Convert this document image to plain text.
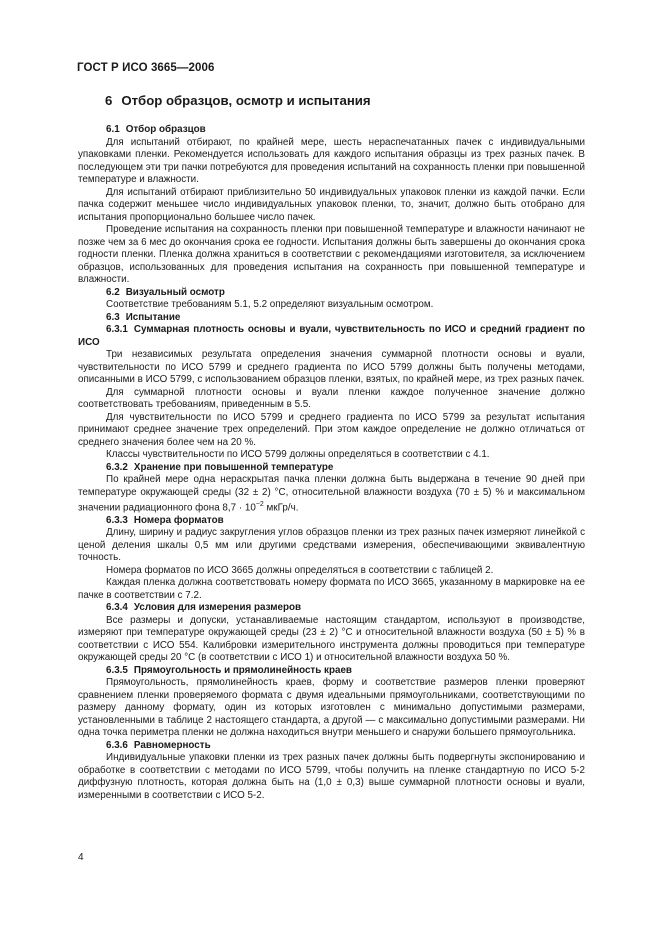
ГОСТ Р ИСО 3665—2006
6 Отбор образцов, осмотр и испытания
6.1 Отбор образцов

Для испытаний отбирают, по крайней мере, шесть нераспечатанных пачек с индивидуальными упаковками пленки. Рекомендуется использовать для каждого испытания образцы из трех разных пачек. В последующем эти три пачки потребуются для проведения испытаний на сохранность пленки при повышенной температуре и влажности.

Для испытаний отбирают приблизительно 50 индивидуальных упаковок пленки из каждой пачки. Если пачка содержит меньшее число индивидуальных упаковок пленки, то, значит, должно быть отобрано для испытания пропорционально большее число пачек.

Проведение испытания на сохранность пленки при повышенной температуре и влажности начинают не позже чем за 6 мес до окончания срока ее годности. Испытания должны быть завершены до окончания срока годности пленки. Пленка должна храниться в соответствии с рекомендациями изготовителя, за исключением образцов, использованных для проведения испытания на сохранность при повышенной температуре и влажности.

6.2 Визуальный осмотр

Соответствие требованиям 5.1, 5.2 определяют визуальным осмотром.

6.3 Испытание
6.3.1 Суммарная плотность основы и вуали, чувствительность по ИСО и средний градиент по ИСО

Три независимых результата определения значения суммарной плотности основы и вуали, чувствительности по ИСО 5799 и среднего градиента по ИСО 5799 должны быть получены методами, описанными в ИСО 5799, с использованием образцов пленки, взятых, по крайней мере, из трех разных пачек.

Для суммарной плотности основы и вуали пленки каждое полученное значение должно соответствовать требованиям, приведенным в 5.5.

Для чувствительности по ИСО 5799 и среднего градиента по ИСО 5799 за результат испытания принимают среднее значение трех определений. При этом каждое определение не должно отличаться от среднего значения более чем на 20 %.

Классы чувствительности по ИСО 5799 должны определяться в соответствии с 4.1.

6.3.2 Хранение при повышенной температуре

По крайней мере одна нераскрытая пачка пленки должна быть выдержана в течение 90 дней при температуре окружающей среды (32 ± 2) °С, относительной влажности воздуха (70 ± 5) % и максимальном значении радиационного фона $8,7 \cdot 10^{-2}$ мкГр/ч.

6.3.3 Номера форматов

Длину, ширину и радиус закругления углов образцов пленки из трех разных пачек измеряют линейкой с ценой деления шкалы 0,5 мм или другими средствами измерения, обеспечивающими эквивалентную точность.

Номера форматов по ИСО 3665 должны определяться в соответствии с таблицей 2.

Каждая пленка должна соответствовать номеру формата по ИСО 3665, указанному в маркировке на ее пачке в соответствии с 7.2.

6.3.4 Условия для измерения размеров

Все размеры и допуски, устанавливаемые настоящим стандартом, используют в производстве, измеряют при температуре окружающей среды (23 ± 2) °С и относительной влажности воздуха (50 ± 5) % в соответствии с ИСО 554. Калибровки измерительного инструмента должны проводиться при температуре окружающей среды 20 °С (в соответствии с ИСО 1) и относительной влажности воздуха 50 %.

6.3.5 Прямоугольность и прямолинейность краев

Прямоугольность, прямолинейность краев, форму и соответствие размеров пленки проверяют сравнением пленки проверяемого формата с двумя идеальными прямоугольниками, соответствующими по размеру данному формату, один из которых изготовлен с минимально допустимыми размерами, установленными в таблице 2 настоящего стандарта, а другой — с максимально допустимыми размерами. Ни одна точка периметра пленки не должна находиться внутри меньшего и снаружи большего прямоугольника.

6.3.6 Равномерность

Индивидуальные упаковки пленки из трех разных пачек должны быть подвергнуты экспонированию и обработке в соответствии с методами по ИСО 5799, чтобы получить на пленке стандартную по ИСО 5-2 диффузную плотность, которая должна быть на (1,0 ± 0,3) выше суммарной плотности основы и вуали, измеренными в соответствии с ИСО 5-2.

4
